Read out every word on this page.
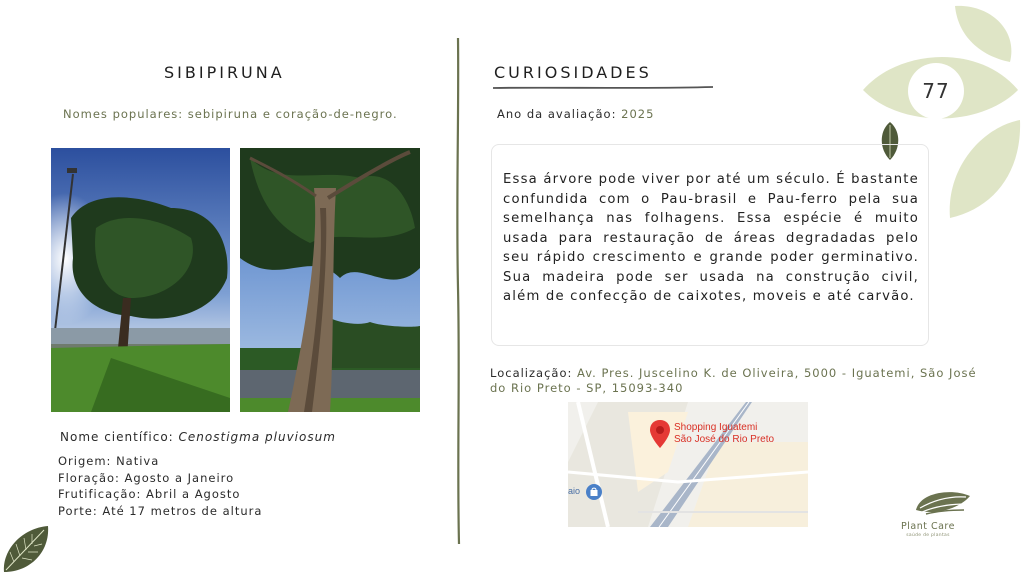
77
SIBIPIRUNA
Nomes populares: sebipiruna e coração-de-negro.
Nome científico: Cenostigma pluviosum
Origem: Nativa
Floração: Agosto a Janeiro
Frutificação: Abril a Agosto
Porte: Até 17 metros de altura
CURIOSIDADES
Ano da avaliação: 2025
Essa árvore pode viver por até um século. É bastante confundida com o Pau-brasil e Pau-ferro pela sua semelhança nas folhagens. Essa espécie é muito usada para restauração de áreas degradadas pelo seu rápido crescimento e grande poder germinativo. Sua madeira pode ser usada na construção civil, além de confecção de caixotes, moveis e até carvão.
Localização: Av. Pres. Juscelino K. de Oliveira, 5000 - Iguatemi, São José do Rio Preto - SP, 15093-340
Shopping Iguatemi
São José do Rio Preto
aio
Plant Care
saúde de plantas
